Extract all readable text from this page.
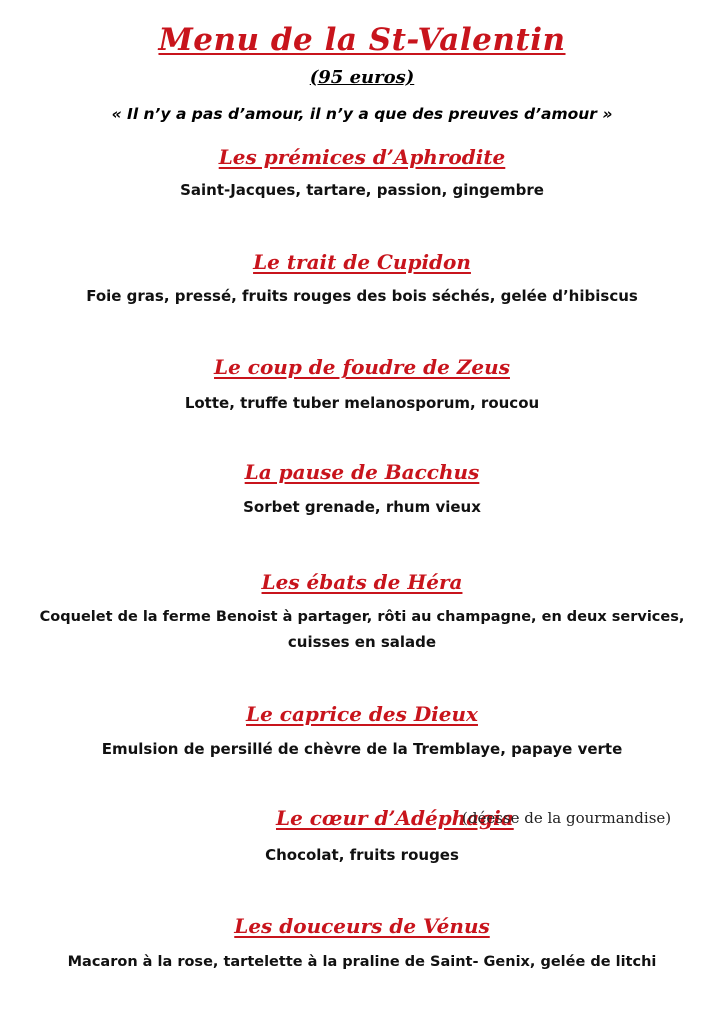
Menu de la St-Valentin
(95 euros)
« Il n’y a pas d’amour, il n’y a que des preuves d’amour »
Les prémices d’Aphrodite
Saint-Jacques, tartare, passion, gingembre
Le trait de Cupidon
Foie gras, pressé, fruits rouges des bois séchés, gelée d’hibiscus
Le coup de foudre de Zeus
Lotte, truffe tuber melanosporum, roucou
La pause de Bacchus
Sorbet grenade, rhum vieux
Les ébats de Héra
Coquelet de la ferme Benoist à partager, rôti au champagne, en deux services,
cuisses en salade
Le caprice des Dieux
Emulsion de persillé de chèvre de la Tremblaye, papaye verte
Le cœur d’Adéphagia
(déesse de la gourmandise)
Chocolat, fruits rouges
Les douceurs de Vénus
Macaron à la rose, tartelette à la praline de Saint- Genix, gelée de litchi
